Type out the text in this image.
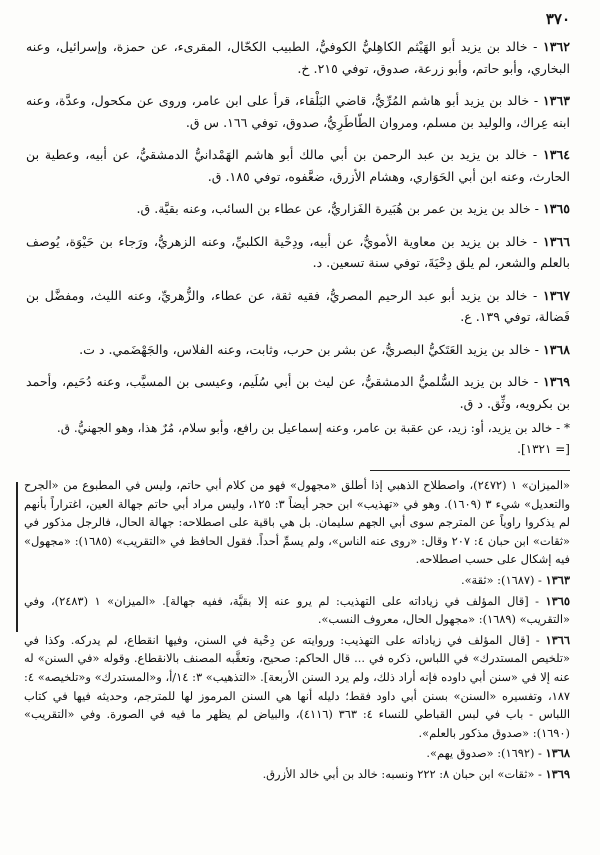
٣٧٠
١٣٦٢ - خالد بن يزيد أبو الهَيْثم الكاهِليُّ الكوفيُّ، الطبيب الكحّال، المقرىء، عن حمزة، وإسرائيل، وعنه البخاري، وأبو حاتم، وأبو زرعة، صدوق، توفي ٢١٥. خ.
١٣٦٣ - خالد بن يزيد أبو هاشم المُرِّيُّ، قاضي البَلْقاء، قرأ على ابن عامر، وروى عن مكحول، وعدَّة، وعنه ابنه عِراك، والوليد بن مسلم، ومروان الطّاطَرِيُّ، صدوق، توفي ١٦٦. س ق.
١٣٦٤ - خالد بن يزيد بن عبد الرحمن بن أبي مالك أبو هاشم الهَمْدانيُّ الدمشقيُّ، عن أبيه، وعطية بن الحارث، وعنه ابن أبي الحَوَاري، وهشام الأزرق، ضعَّفوه، توفي ١٨٥. ق.
١٣٦٥ - خالد بن يزيد بن عمر بن هُبَيرة الفَزاريُّ، عن عطاء بن السائب، وعنه بقيَّة. ق.
١٣٦٦ - خالد بن يزيد بن معاوية الأمويُّ، عن أبيه، ودِحْية الكلبيِّ، وعنه الزهريُّ، ورَجاء بن حَيْوَة، يُوصف بالعلم والشعر، لم يلق دِحْيَةَ، توفي سنة تسعين. د.
١٣٦٧ - خالد بن يزيد أبو عبد الرحيم المصريُّ، فقيه ثقة، عن عطاء، والزُّهريِّ، وعنه الليث، ومفضَّل بن فَضالة، توفي ١٣٩. ع.
١٣٦٨ - خالد بن يزيد العَتَكيُّ البصريُّ، عن بشر بن حرب، وثابت، وعنه الفلاس، والجَهْضَمي. د ت.
١٣٦٩ - خالد بن يزيد السُّلميُّ الدمشقيُّ، عن ليث بن أبي سُلَيم، وعيسى بن المسيَّب، وعنه دُحَيم، وأحمد بن بكرويه، وثِّق. د ق.
* - خالد بن يزيد، أو: زيد، عن عقبة بن عامر، وعنه إسماعيل بن رافع، وأبو سلام، مُرٌ هذا، وهو الجهنيُّ. ق. [= ١٣٢١].
«الميزان» ١ (٢٤٧٢)، واصطلاح الذهبي إذا أطلق «مجهول» فهو من كلام أبي حاتم، وليس في المطبوع من «الجرح والتعديل» شيء ٣ (١٦٠٩). وهو في «تهذيب» ابن حجر أيضاً ٣: ١٢٥، وليس مراد أبي حاتم جهالة العين، اغتراراً بأنهم لم يذكروا راوياً عن المترجم سوى أبي الجهم سليمان. بل هي باقية على اصطلاحه: جهالة الحال، فالرجل مذكور في «ثقات» ابن حبان ٤: ٢٠٧ وقال: «روى عنه الناس»، ولم يسمِّ أحداً. فقول الحافظ في «التقريب» (١٦٨٥): «مجهول» فيه إشكال على حسب اصطلاحه.
١٣٦٣ - (١٦٨٧): «ثقة».
١٣٦٥ - [قال المؤلف في زياداته على التهذيب: لم يرو عنه إلا بقيَّة، ففيه جهالة]. «الميزان» ١ (٢٤٨٣)، وفي «التقريب» (١٦٨٩): «مجهول الحال، معروف النسب».
١٣٦٦ - [قال المؤلف في زياداته على التهذيب: وروايته عن دِحْية في السنن، وفيها انقطاع، لم يدركه. وكذا في «تلخيص المستدرك» في اللباس، ذكره في ... قال الحاكم: صحيح، وتعقَّبه المصنف بالانقطاع. وقوله «في السنن» له عنه إلا في «سنن أبي داوده فإنه أراد ذلك، ولم يرد السنن الأربعة]. «التذهيب» ٣: ١٤/أ، و«المستدرك» و«تلخيصه» ٤: ١٨٧، وتفسيره «السنن» بسنن أبي داود فقط؛ دليله أنها هي السنن المرموز لها للمترجم، وحديثه فيها في كتاب اللباس - باب في لبس القباطي للنساء ٤: ٣٦٣ (٤١١٦)، والبياض لم يظهر ما فيه في الصورة. وفي «التقريب» (١٦٩٠): «صدوق مذكور بالعلم».
١٣٦٨ - (١٦٩٢): «صدوق يهم».
١٣٦٩ - «ثقات» ابن حبان ٨: ٢٢٢ ونسبه: خالد بن أبي خالد الأزرق.
